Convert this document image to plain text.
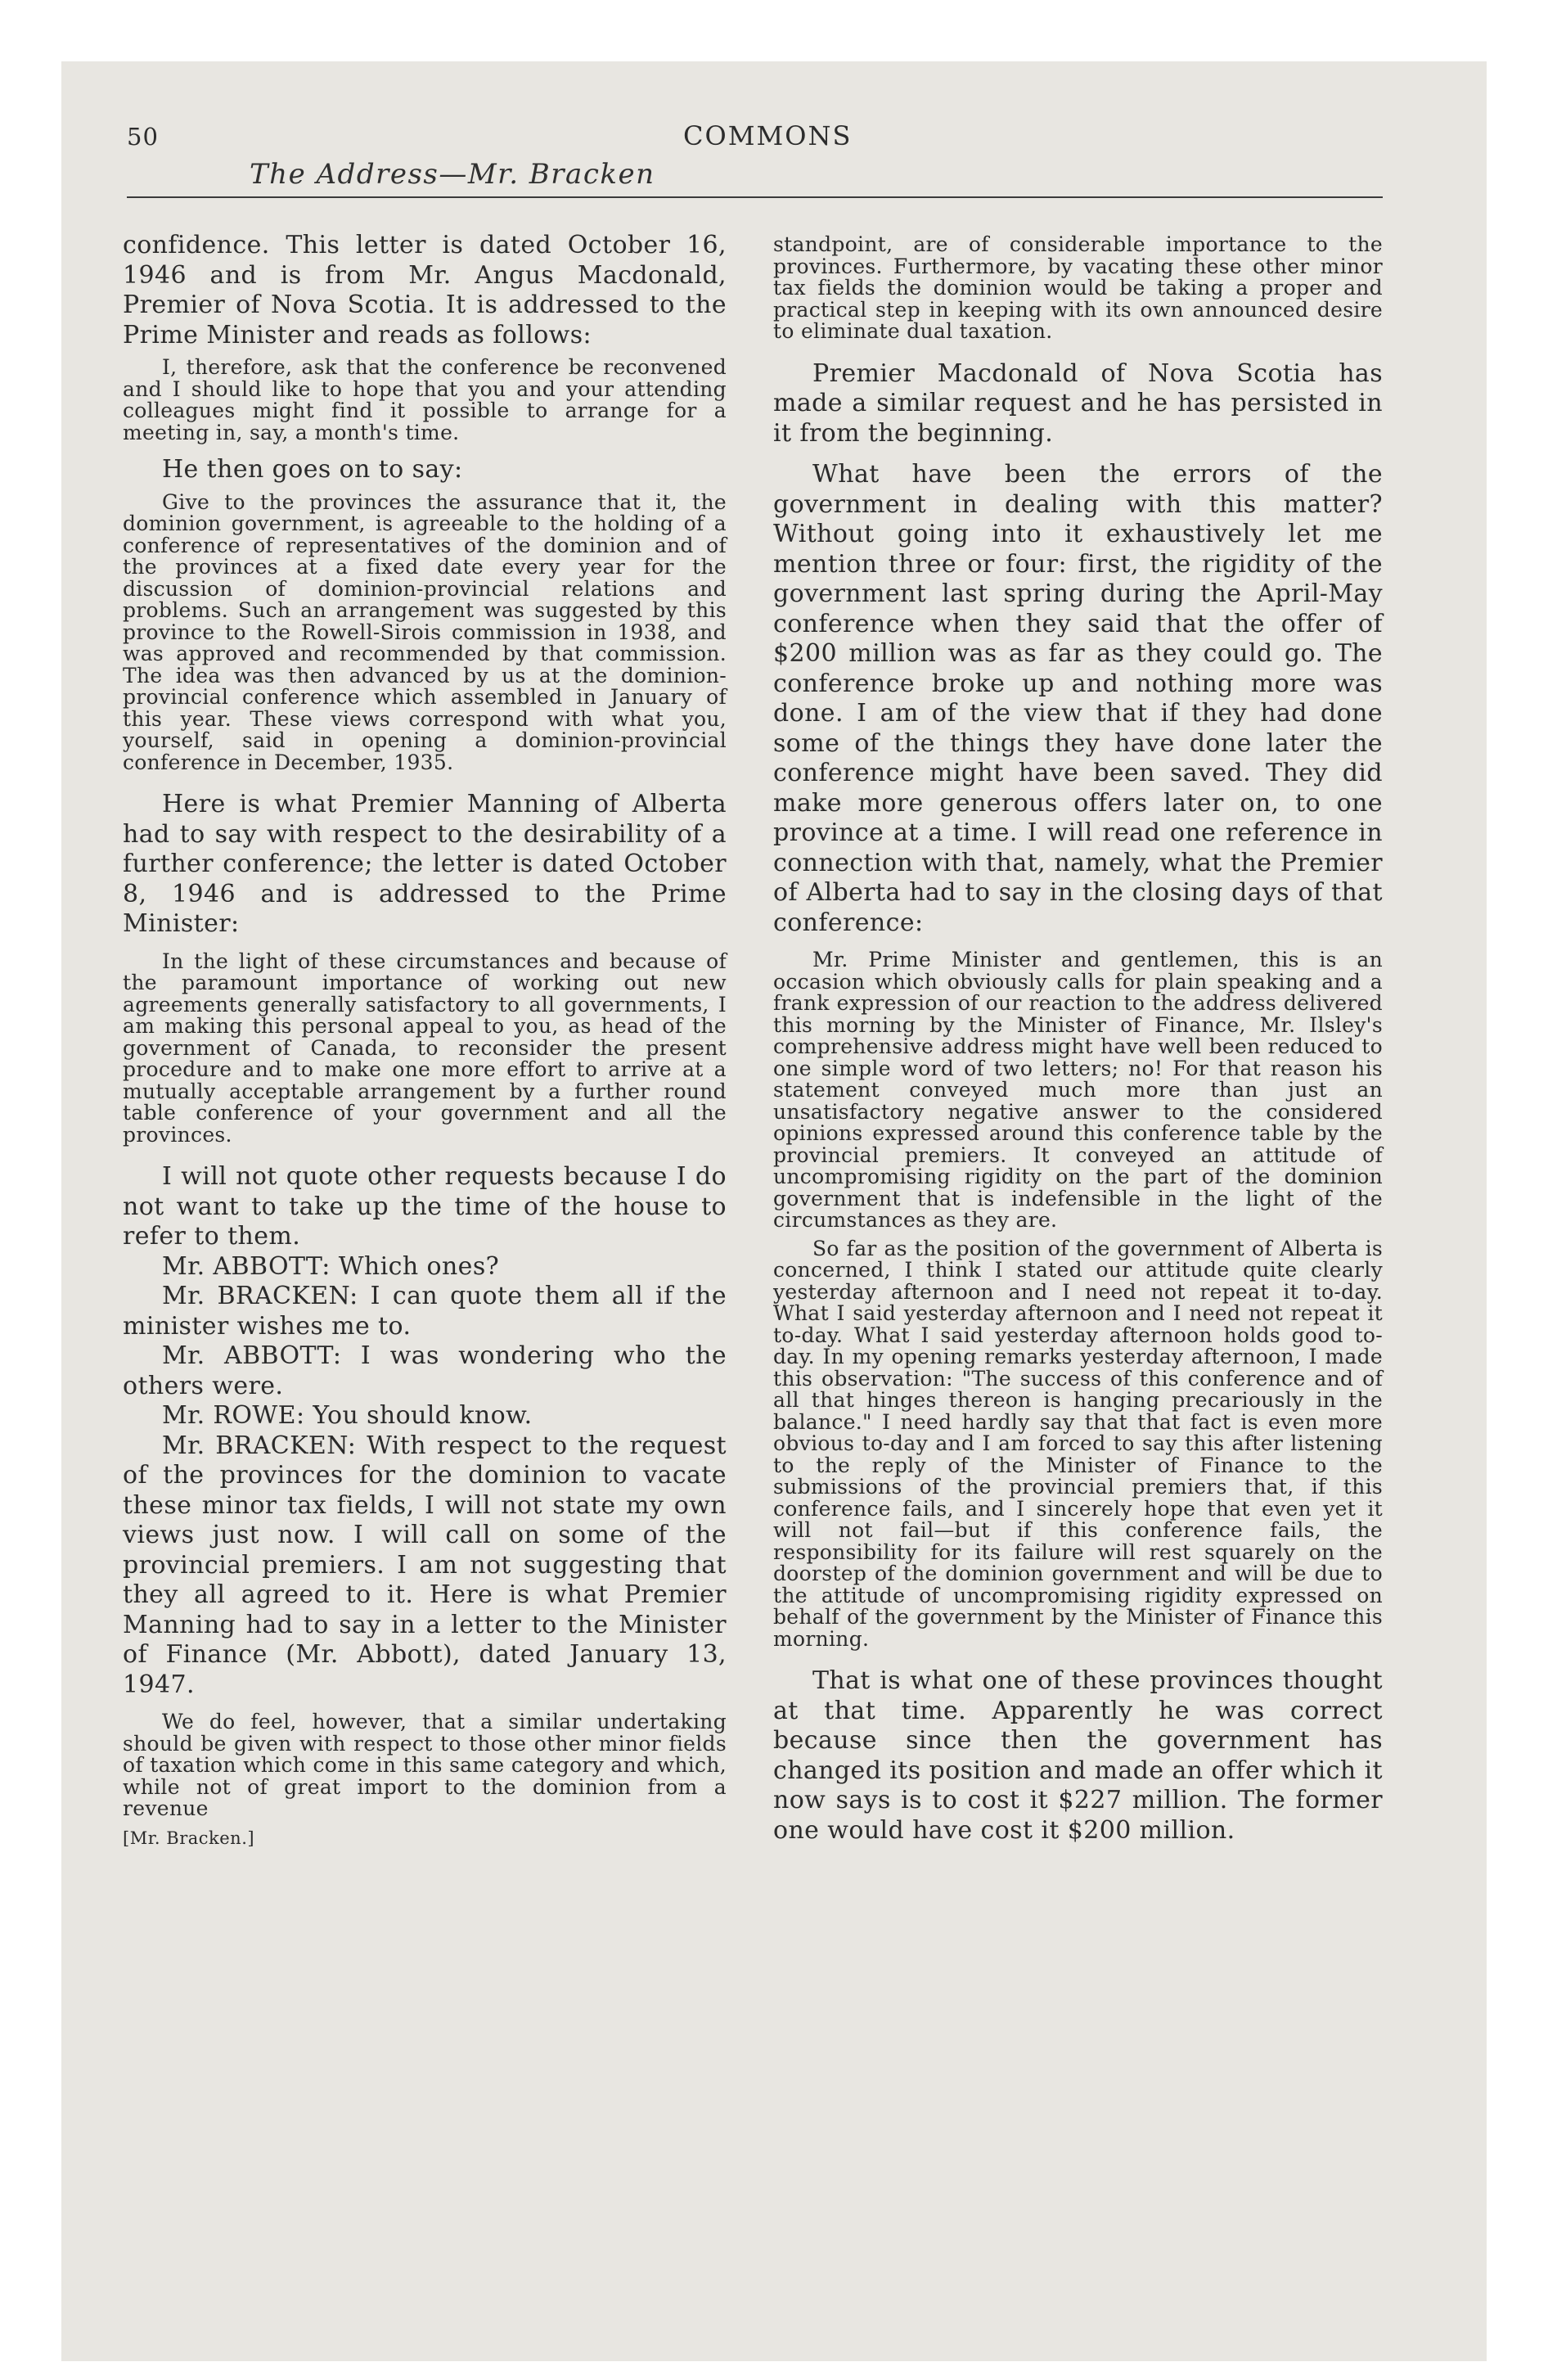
50
The Address—Mr. Bracken
COMMONS

confidence. This letter is dated October 16, 1946 and is from Mr. Angus Macdonald, Premier of Nova Scotia. It is addressed to the Prime Minister and reads as follows:

I, therefore, ask that the conference be reconvened and I should like to hope that you and your attending colleagues might find it possible to arrange for a meeting in, say, a month's time.

He then goes on to say:

Give to the provinces the assurance that it, the dominion government, is agreeable to the holding of a conference of representatives of the dominion and of the provinces at a fixed date every year for the discussion of dominion-provincial relations and problems. Such an arrangement was suggested by this province to the Rowell-Sirois commission in 1938, and was approved and recommended by that commission. The idea was then advanced by us at the dominion-provincial conference which assembled in January of this year. These views correspond with what you, yourself, said in opening a dominion-provincial conference in December, 1935.

Here is what Premier Manning of Alberta had to say with respect to the desirability of a further conference; the letter is dated October 8, 1946 and is addressed to the Prime Minister:

In the light of these circumstances and because of the paramount importance of working out new agreements generally satisfactory to all governments, I am making this personal appeal to you, as head of the government of Canada, to reconsider the present procedure and to make one more effort to arrive at a mutually acceptable arrangement by a further round table conference of your government and all the provinces.

I will not quote other requests because I do not want to take up the time of the house to refer to them.

Mr. ABBOTT: Which ones?

Mr. BRACKEN: I can quote them all if the minister wishes me to.

Mr. ABBOTT: I was wondering who the others were.

Mr. ROWE: You should know.

Mr. BRACKEN: With respect to the request of the provinces for the dominion to vacate these minor tax fields, I will not state my own views just now. I will call on some of the provincial premiers. I am not suggesting that they all agreed to it. Here is what Premier Manning had to say in a letter to the Minister of Finance (Mr. Abbott), dated January 13, 1947.

We do feel, however, that a similar undertaking should be given with respect to those other minor fields of taxation which come in this same category and which, while not of great import to the dominion from a revenue

[Mr. Bracken.]

standpoint, are of considerable importance to the provinces. Furthermore, by vacating these other minor tax fields the dominion would be taking a proper and practical step in keeping with its own announced desire to eliminate dual taxation.

Premier Macdonald of Nova Scotia has made a similar request and he has persisted in it from the beginning.

What have been the errors of the government in dealing with this matter? Without going into it exhaustively let me mention three or four: first, the rigidity of the government last spring during the April-May conference when they said that the offer of $200 million was as far as they could go. The conference broke up and nothing more was done. I am of the view that if they had done some of the things they have done later the conference might have been saved. They did make more generous offers later on, to one province at a time. I will read one reference in connection with that, namely, what the Premier of Alberta had to say in the closing days of that conference:

Mr. Prime Minister and gentlemen, this is an occasion which obviously calls for plain speaking and a frank expression of our reaction to the address delivered this morning by the Minister of Finance, Mr. Ilsley's comprehensive address might have well been reduced to one simple word of two letters; no! For that reason his statement conveyed much more than just an unsatisfactory negative answer to the considered opinions expressed around this conference table by the provincial premiers. It conveyed an attitude of uncompromising rigidity on the part of the dominion government that is indefensible in the light of the circumstances as they are.

So far as the position of the government of Alberta is concerned, I think I stated our attitude quite clearly yesterday afternoon and I need not repeat it to-day. What I said yesterday afternoon and I need not repeat it to-day. What I said yesterday afternoon holds good to-day. In my opening remarks yesterday afternoon, I made this observation: "The success of this conference and of all that hinges thereon is hanging precariously in the balance." I need hardly say that that fact is even more obvious to-day and I am forced to say this after listening to the reply of the Minister of Finance to the submissions of the provincial premiers that, if this conference fails, and I sincerely hope that even yet it will not fail—but if this conference fails, the responsibility for its failure will rest squarely on the doorstep of the dominion government and will be due to the attitude of uncompromising rigidity expressed on behalf of the government by the Minister of Finance this morning.

That is what one of these provinces thought at that time. Apparently he was correct because since then the government has changed its position and made an offer which it now says is to cost it $227 million. The former one would have cost it $200 million.
